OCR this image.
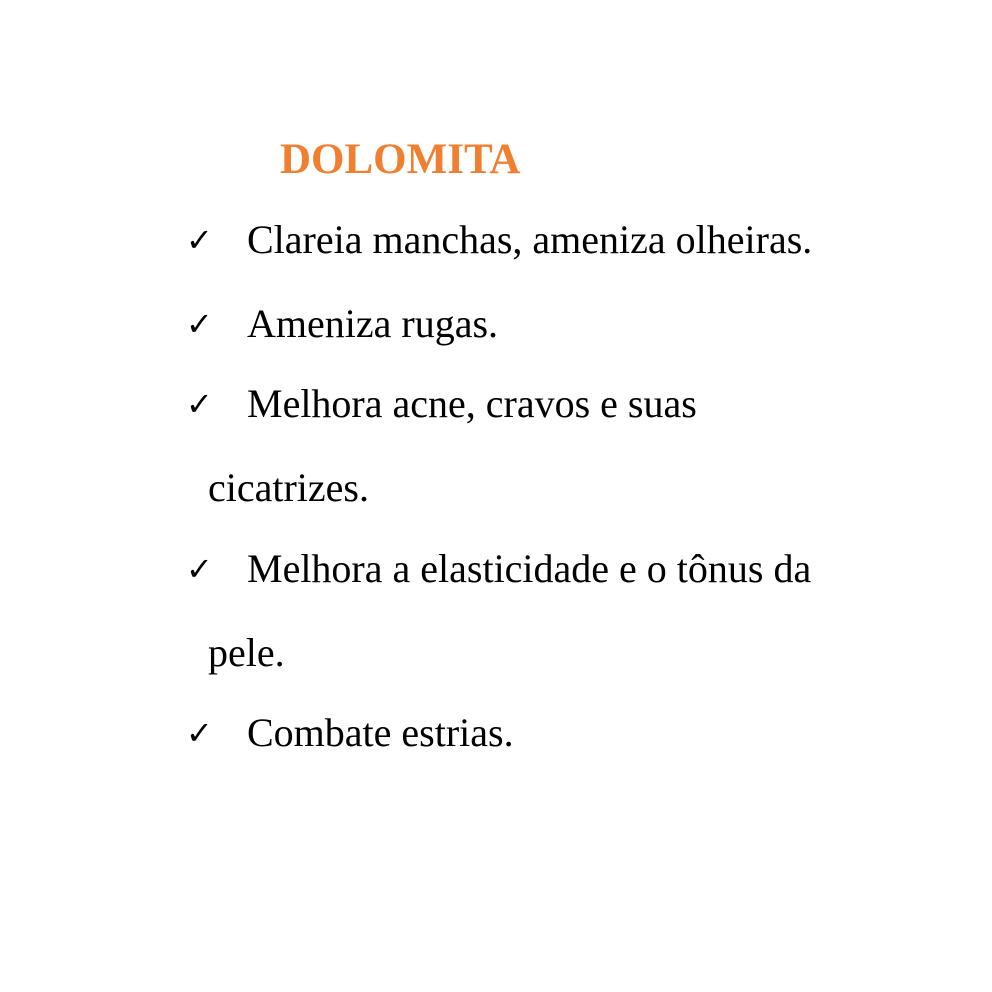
DOLOMITA
✓ Clareia manchas, ameniza olheiras.
✓ Ameniza rugas.
✓ Melhora acne, cravos e suas
cicatrizes.
✓ Melhora a elasticidade e o tônus da
pele.
✓ Combate estrias.
